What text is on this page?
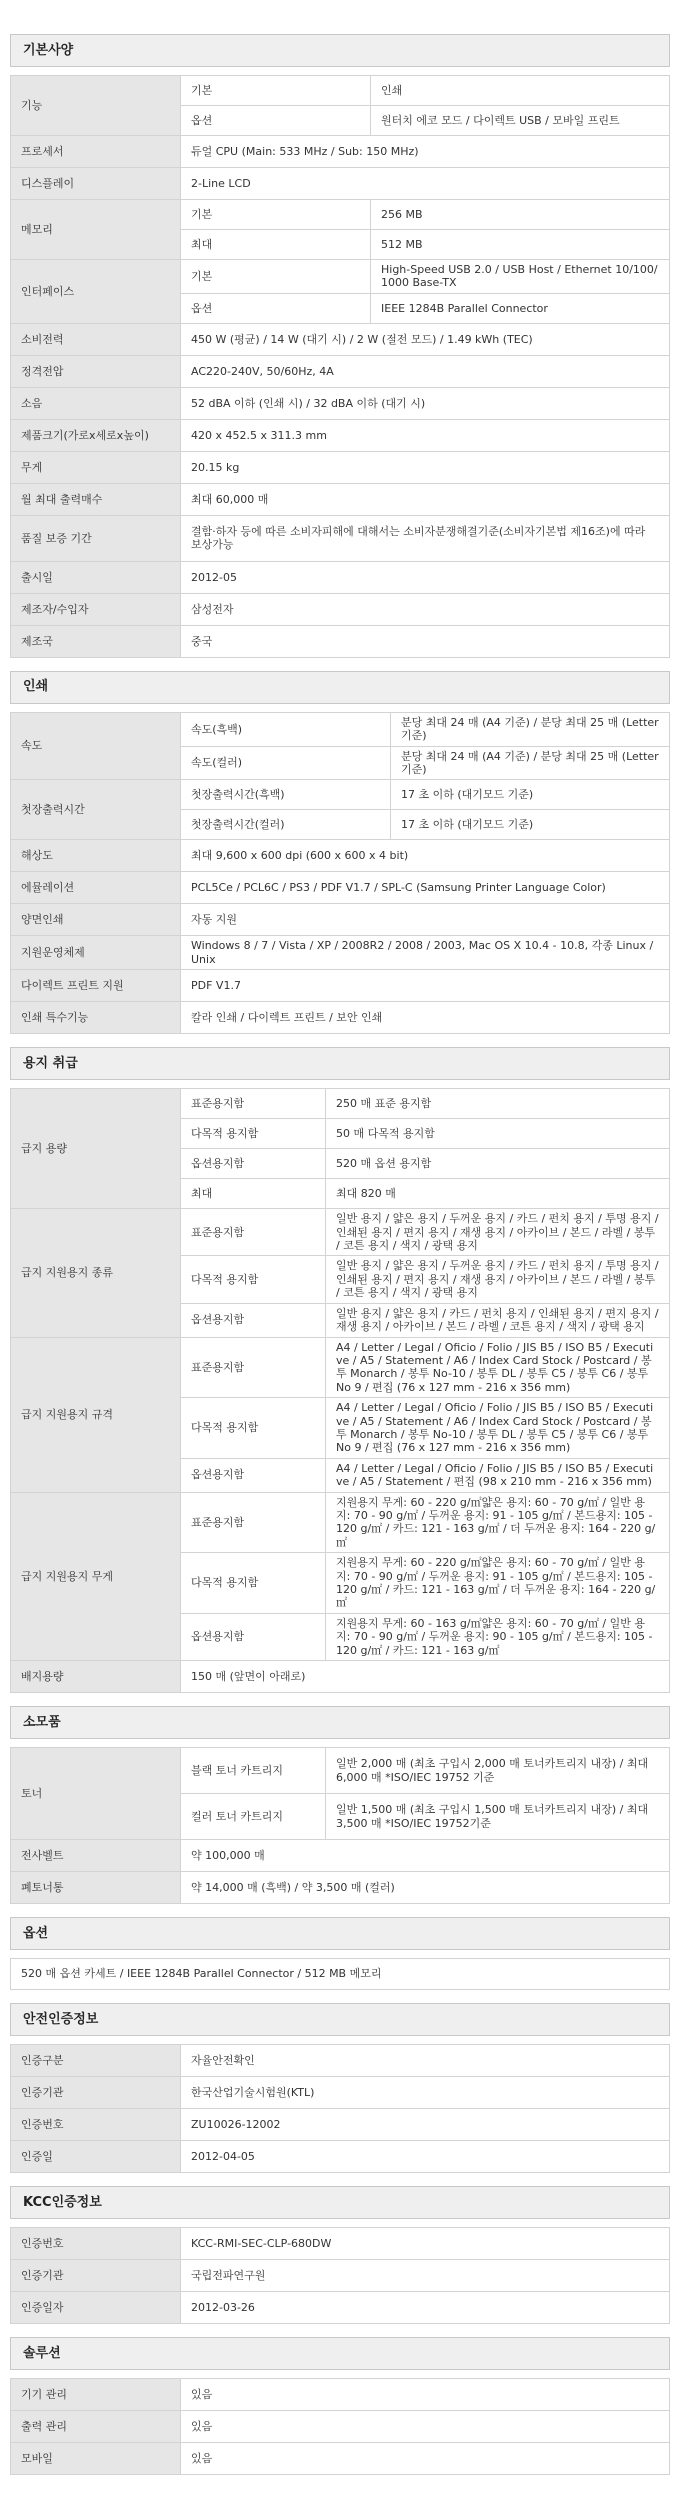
기본사양
기능	기본	인쇄
	옵션	원터치 에코 모드 / 다이렉트 USB / 모바일 프린트
프로세서	듀얼 CPU (Main: 533 MHz / Sub: 150 MHz)	
디스플레이	2-Line LCD	
메모리	기본	256 MB
	최대	512 MB
인터페이스	기본	High-Speed USB 2.0 / USB Host / Ethernet 10/100/1000 Base-TX
	옵션	IEEE 1284B Parallel Connector
소비전력	450 W (평균) / 14 W (대기 시) / 2 W (절전 모드) / 1.49 kWh (TEC)	
정격전압	AC220-240V, 50/60Hz, 4A	
소음	52 dBA 이하 (인쇄 시) / 32 dBA 이하 (대기 시)	
제품크기(가로x세로x높이)	420 x 452.5 x 311.3 mm	
무게	20.15 kg	
월 최대 출력매수	최대 60,000 매	
품질 보증 기간	결함·하자 등에 따른 소비자피해에 대해서는 소비자분쟁해결기준(소비자기본법 제16조)에 따라 보상가능	
출시일	2012-05	
제조자/수입자	삼성전자	
제조국	중국	
인쇄
속도	속도(흑백)	분당 최대 24 매 (A4 기준) / 분당 최대 25 매 (Letter 기준)
	속도(컬러)	분당 최대 24 매 (A4 기준) / 분당 최대 25 매 (Letter 기준)
첫장출력시간	첫장출력시간(흑백)	17 초 이하 (대기모드 기준)
	첫장출력시간(컬러)	17 초 이하 (대기모드 기준)
해상도	최대 9,600 x 600 dpi (600 x 600 x 4 bit)	
에뮬레이션	PCL5Ce / PCL6C / PS3 / PDF V1.7 / SPL-C (Samsung Printer Language Color)	
양면인쇄	자동 지원	
지원운영체제	Windows 8 / 7 / Vista / XP / 2008R2 / 2008 / 2003, Mac OS X 10.4 - 10.8, 각종 Linux / Unix	
다이렉트 프린트 지원	PDF V1.7	
인쇄 특수기능	칼라 인쇄 / 다이렉트 프린트 / 보안 인쇄	
용지 취급
급지 용량	표준용지함	250 매 표준 용지함
	다목적 용지함	50 매 다목적 용지함
	옵션용지함	520 매 옵션 용지함
	최대	최대 820 매
급지 지원용지 종류	표준용지함	일반 용지 / 얇은 용지 / 두꺼운 용지 / 카드 / 펀치 용지 / 투명 용지 / 인쇄된 용지 / 편지 용지 / 재생 용지 / 아카이브 / 본드 / 라벨 / 봉투 / 코튼 용지 / 색지 / 광택 용지
	다목적 용지함	일반 용지 / 얇은 용지 / 두꺼운 용지 / 카드 / 펀치 용지 / 투명 용지 / 인쇄된 용지 / 편지 용지 / 재생 용지 / 아카이브 / 본드 / 라벨 / 봉투 / 코튼 용지 / 색지 / 광택 용지
	옵션용지함	일반 용지 / 얇은 용지 / 카드 / 펀치 용지 / 인쇄된 용지 / 편지 용지 / 재생 용지 / 아카이브 / 본드 / 라벨 / 코튼 용지 / 색지 / 광택 용지
급지 지원용지 규격	표준용지함	A4 / Letter / Legal / Oficio / Folio / JIS B5 / ISO B5 / Executive / A5 / Statement / A6 / Index Card Stock / Postcard / 봉투 Monarch / 봉투 No-10 / 봉투 DL / 봉투 C5 / 봉투 C6 / 봉투 No 9 / 편집 (76 x 127 mm - 216 x 356 mm)
	다목적 용지함	A4 / Letter / Legal / Oficio / Folio / JIS B5 / ISO B5 / Executive / A5 / Statement / A6 / Index Card Stock / Postcard / 봉투 Monarch / 봉투 No-10 / 봉투 DL / 봉투 C5 / 봉투 C6 / 봉투 No 9 / 편집 (76 x 127 mm - 216 x 356 mm)
	옵션용지함	A4 / Letter / Legal / Oficio / Folio / JIS B5 / ISO B5 / Executive / A5 / Statement / 편집 (98 x 210 mm - 216 x 356 mm)
급지 지원용지 무게	표준용지함	지원용지 무게: 60 - 220 g/㎡얇은 용지: 60 - 70 g/㎡ / 일반 용지: 70 - 90 g/㎡ / 두꺼운 용지: 91 - 105 g/㎡ / 본드용지: 105 - 120 g/㎡ / 카드: 121 - 163 g/㎡ / 더 두꺼운 용지: 164 - 220 g/㎡
	다목적 용지함	지원용지 무게: 60 - 220 g/㎡얇은 용지: 60 - 70 g/㎡ / 일반 용지: 70 - 90 g/㎡ / 두꺼운 용지: 91 - 105 g/㎡ / 본드용지: 105 - 120 g/㎡ / 카드: 121 - 163 g/㎡ / 더 두꺼운 용지: 164 - 220 g/㎡
	옵션용지함	지원용지 무게: 60 - 163 g/㎡얇은 용지: 60 - 70 g/㎡ / 일반 용지: 70 - 90 g/㎡ / 두꺼운 용지: 90 - 105 g/㎡ / 본드용지: 105 - 120 g/㎡ / 카드: 121 - 163 g/㎡
배지용량	150 매 (앞면이 아래로)	
소모품
토너	블랙 토너 카트리지	일반 2,000 매 (최초 구입시 2,000 매 토너카트리지 내장) / 최대 6,000 매 *ISO/IEC 19752 기준
	컬러 토너 카트리지	일반 1,500 매 (최초 구입시 1,500 매 토너카트리지 내장) / 최대 3,500 매 *ISO/IEC 19752기준
전사벨트	약 100,000 매	
폐토너통	약 14,000 매 (흑백) / 약 3,500 매 (컬러)	
옵션
520 매 옵션 카세트 / IEEE 1284B Parallel Connector / 512 MB 메모리
안전인증정보
인증구분	자율안전확인
인증기관	한국산업기술시험원(KTL)
인증번호	ZU10026-12002
인증일	2012-04-05
KCC인증정보
인증번호	KCC-RMI-SEC-CLP-680DW
인증기관	국립전파연구원
인증일자	2012-03-26
솔루션
기기 관리	있음
출력 관리	있음
모바일	있음
